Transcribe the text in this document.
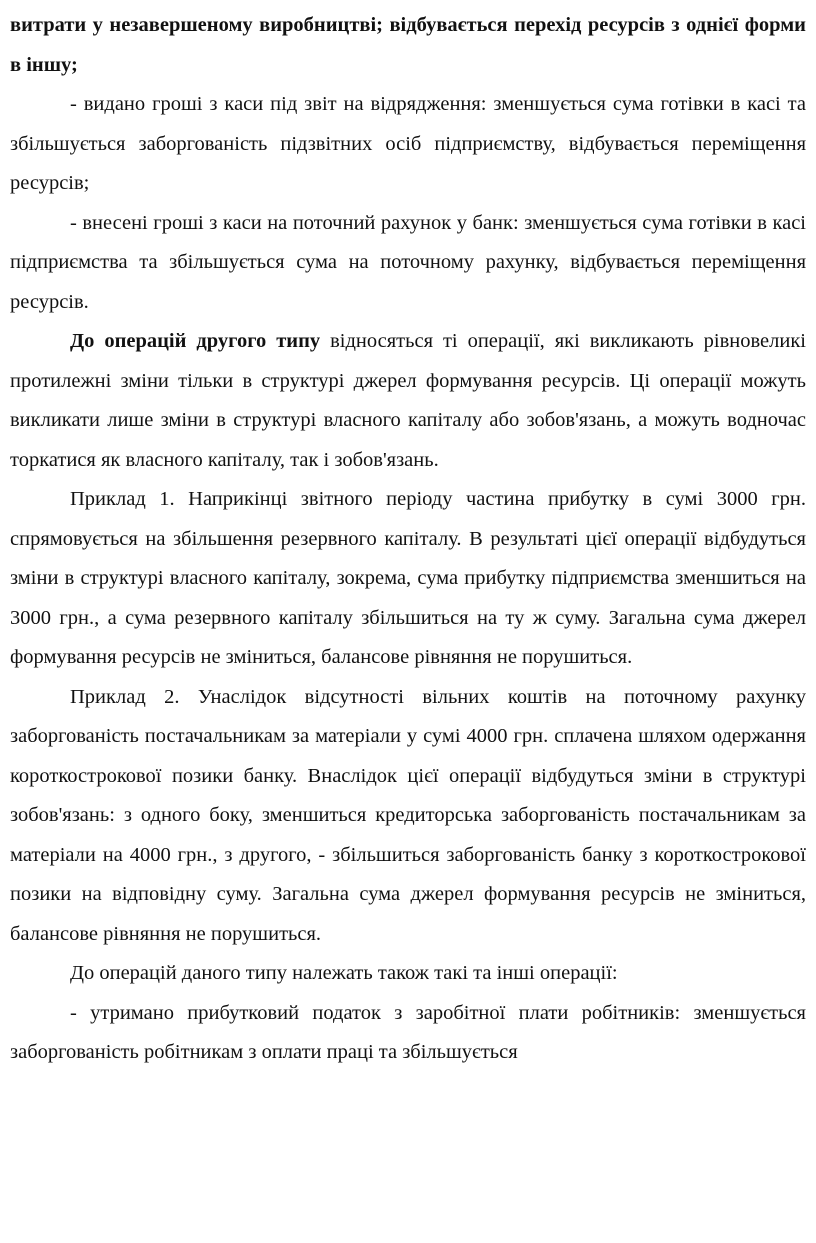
витрати у незавершеному виробництві; відбувається перехід ресурсів з однієї форми в іншу;

- видано гроші з каси під звіт на відрядження: зменшується сума готівки в касі та збільшується заборгованість підзвітних осіб підприємству, відбувається переміщення ресурсів;

- внесені гроші з каси на поточний рахунок у банк: зменшується сума готівки в касі підприємства та збільшується сума на поточному рахунку, відбувається переміщення ресурсів.

До операцій другого типу відносяться ті операції, які викликають рівновеликі протилежні зміни тільки в структурі джерел формування ресурсів. Ці операції можуть викликати лише зміни в структурі власного капіталу або зобов'язань, а можуть водночас торкатися як власного капіталу, так і зобов'язань.

Приклад 1. Наприкінці звітного періоду частина прибутку в сумі 3000 грн. спрямовується на збільшення резервного капіталу. В результаті цієї операції відбудуться зміни в структурі власного капіталу, зокрема, сума прибутку підприємства зменшиться на 3000 грн., а сума резервного капіталу збільшиться на ту ж суму. Загальна сума джерел формування ресурсів не зміниться, балансове рівняння не порушиться.

Приклад 2. Унаслідок відсутності вільних коштів на поточному рахунку заборгованість постачальникам за матеріали у сумі 4000 грн. сплачена шляхом одержання короткострокової позики банку. Внаслідок цієї операції відбудуться зміни в структурі зобов'язань: з одного боку, зменшиться кредиторська заборгованість постачальникам за матеріали на 4000 грн., з другого, - збільшиться заборгованість банку з короткострокової позики на відповідну суму. Загальна сума джерел формування ресурсів не зміниться, балансове рівняння не порушиться.

До операцій даного типу належать також такі та інші операції:

- утримано прибутковий податок з заробітної плати робітників: зменшується заборгованість робітникам з оплати праці та збільшується
